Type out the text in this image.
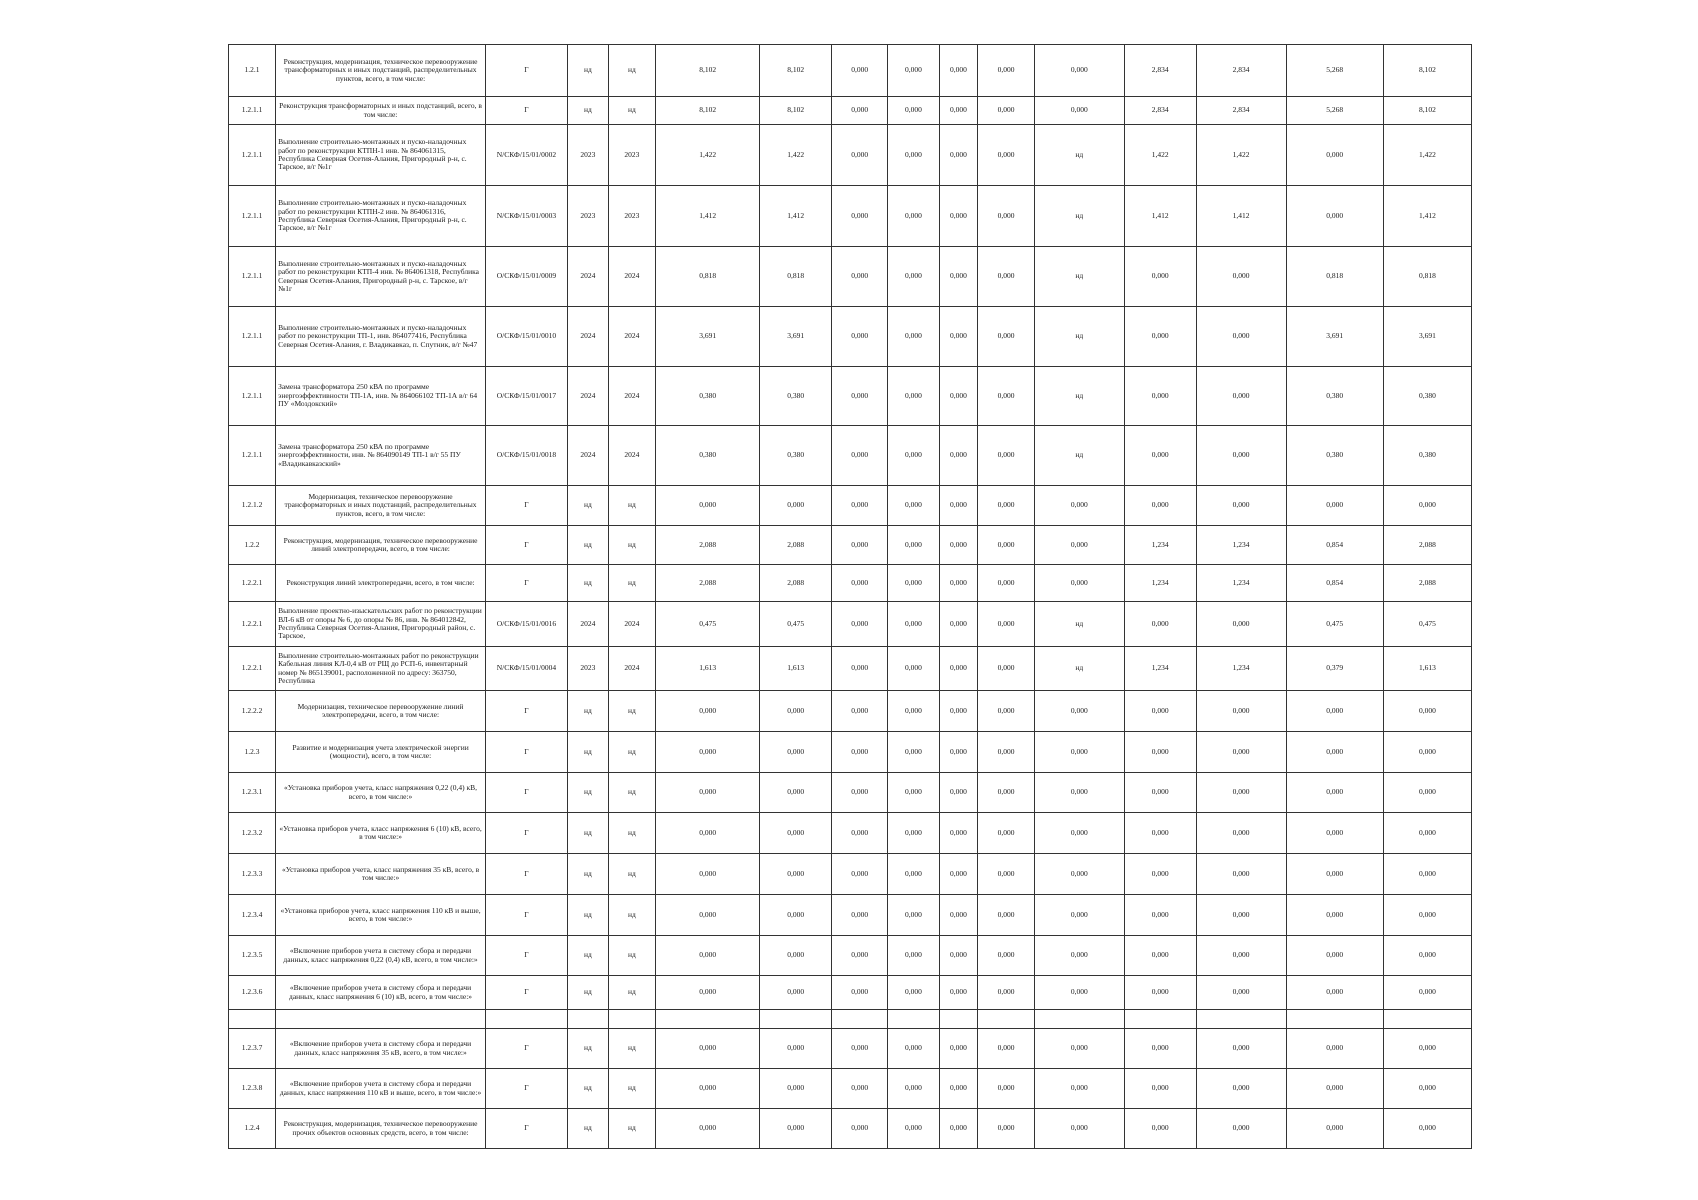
1.2.1	Реконструкция, модернизация, техническое перевооружение трансформаторных и иных подстанций, распределительных пунктов, всего, в том числе:	Г	нд	нд	8,102	8,102	0,000	0,000	0,000	0,000	0,000	2,834	2,834	5,268	8,102
1.2.1.1	Реконструкция трансформаторных и иных подстанций, всего, в том числе:	Г	нд	нд	8,102	8,102	0,000	0,000	0,000	0,000	0,000	2,834	2,834	5,268	8,102
1.2.1.1	Выполнение строительно-монтажных и пуско-наладочных работ по реконструкции КТПН-1 инв. № 864061315, Республика Северная Осетия-Алания, Пригородный р-н, с. Тарское, в/г №1г	N/СКФ/15/01/0002	2023	2023	1,422	1,422	0,000	0,000	0,000	0,000	нд	1,422	1,422	0,000	1,422
1.2.1.1	Выполнение строительно-монтажных и пуско-наладочных работ по реконструкции КТПН-2 инв. № 864061316, Республика Северная Осетия-Алания, Пригородный р-н, с. Тарское, в/г №1г	N/СКФ/15/01/0003	2023	2023	1,412	1,412	0,000	0,000	0,000	0,000	нд	1,412	1,412	0,000	1,412
1.2.1.1	Выполнение строительно-монтажных и пуско-наладочных работ по реконструкции КТП-4 инв. № 864061318, Республика Северная Осетия-Алания, Пригородный р-н, с. Тарское, в/г №1г	О/СКФ/15/01/0009	2024	2024	0,818	0,818	0,000	0,000	0,000	0,000	нд	0,000	0,000	0,818	0,818
1.2.1.1	Выполнение строительно-монтажных и пуско-наладочных работ по реконструкции ТП-1, инв. 864077416, Республика Северная Осетия-Алания, г. Владикавказ, п. Спутник, в/г №47	О/СКФ/15/01/0010	2024	2024	3,691	3,691	0,000	0,000	0,000	0,000	нд	0,000	0,000	3,691	3,691
1.2.1.1	Замена трансформатора 250 кВА по программе энергоэффективности ТП-1А, инв. № 864066102 ТП-1А в/г 64 ПУ «Моздокский»	О/СКФ/15/01/0017	2024	2024	0,380	0,380	0,000	0,000	0,000	0,000	нд	0,000	0,000	0,380	0,380
1.2.1.1	Замена трансформатора 250 кВА по программе энергоэффективности, инв. № 864090149 ТП-1 в/г 55 ПУ «Владикавказский»	О/СКФ/15/01/0018	2024	2024	0,380	0,380	0,000	0,000	0,000	0,000	нд	0,000	0,000	0,380	0,380
1.2.1.2	Модернизация, техническое перевооружение трансформаторных и иных подстанций, распределительных пунктов, всего, в том числе:	Г	нд	нд	0,000	0,000	0,000	0,000	0,000	0,000	0,000	0,000	0,000	0,000	0,000
1.2.2	Реконструкция, модернизация, техническое перевооружение линий электропередачи, всего, в том числе:	Г	нд	нд	2,088	2,088	0,000	0,000	0,000	0,000	0,000	1,234	1,234	0,854	2,088
1.2.2.1	Реконструкция линий электропередачи, всего, в том числе:	Г	нд	нд	2,088	2,088	0,000	0,000	0,000	0,000	0,000	1,234	1,234	0,854	2,088
1.2.2.1	Выполнение проектно-изыскательских работ по реконструкции ВЛ-6 кВ от опоры № 6, до опоры № 86, инв. № 864012842, Республика Северная Осетия-Алания, Пригородный район, с. Тарское,	О/СКФ/15/01/0016	2024	2024	0,475	0,475	0,000	0,000	0,000	0,000	нд	0,000	0,000	0,475	0,475
1.2.2.1	Выполнение строительно-монтажных работ по реконструкции Кабельная линия КЛ-0,4 кВ от РЩ до РСП-6, инвентарный номер № 865139001, расположенной по адресу: 363750, Республика	N/СКФ/15/01/0004	2023	2024	1,613	1,613	0,000	0,000	0,000	0,000	нд	1,234	1,234	0,379	1,613
1.2.2.2	Модернизация, техническое перевооружение линий электропередачи, всего, в том числе:	Г	нд	нд	0,000	0,000	0,000	0,000	0,000	0,000	0,000	0,000	0,000	0,000	0,000
1.2.3	Развитие и модернизация учета электрической энергии (мощности), всего, в том числе:	Г	нд	нд	0,000	0,000	0,000	0,000	0,000	0,000	0,000	0,000	0,000	0,000	0,000
1.2.3.1	«Установка приборов учета, класс напряжения 0,22 (0,4) кВ, всего, в том числе:»	Г	нд	нд	0,000	0,000	0,000	0,000	0,000	0,000	0,000	0,000	0,000	0,000	0,000
1.2.3.2	«Установка приборов учета, класс напряжения 6 (10) кВ, всего, в том числе:»	Г	нд	нд	0,000	0,000	0,000	0,000	0,000	0,000	0,000	0,000	0,000	0,000	0,000
1.2.3.3	«Установка приборов учета, класс напряжения 35 кВ, всего, в том числе:»	Г	нд	нд	0,000	0,000	0,000	0,000	0,000	0,000	0,000	0,000	0,000	0,000	0,000
1.2.3.4	«Установка приборов учета, класс напряжения 110 кВ и выше, всего, в том числе:»	Г	нд	нд	0,000	0,000	0,000	0,000	0,000	0,000	0,000	0,000	0,000	0,000	0,000
1.2.3.5	«Включение приборов учета в систему сбора и передачи данных, класс напряжения 0,22 (0,4) кВ, всего, в том числе:»	Г	нд	нд	0,000	0,000	0,000	0,000	0,000	0,000	0,000	0,000	0,000	0,000	0,000
1.2.3.6	«Включение приборов учета в систему сбора и передачи данных, класс напряжения 6 (10) кВ, всего, в том числе:»	Г	нд	нд	0,000	0,000	0,000	0,000	0,000	0,000	0,000	0,000	0,000	0,000	0,000

1.2.3.7	«Включение приборов учета в систему сбора и передачи данных, класс напряжения 35 кВ, всего, в том числе:»	Г	нд	нд	0,000	0,000	0,000	0,000	0,000	0,000	0,000	0,000	0,000	0,000	0,000
1.2.3.8	«Включение приборов учета в систему сбора и передачи данных, класс напряжения 110 кВ и выше, всего, в том числе:»	Г	нд	нд	0,000	0,000	0,000	0,000	0,000	0,000	0,000	0,000	0,000	0,000	0,000
1.2.4	Реконструкция, модернизация, техническое перевооружение прочих объектов основных средств, всего, в том числе:	Г	нд	нд	0,000	0,000	0,000	0,000	0,000	0,000	0,000	0,000	0,000	0,000	0,000
